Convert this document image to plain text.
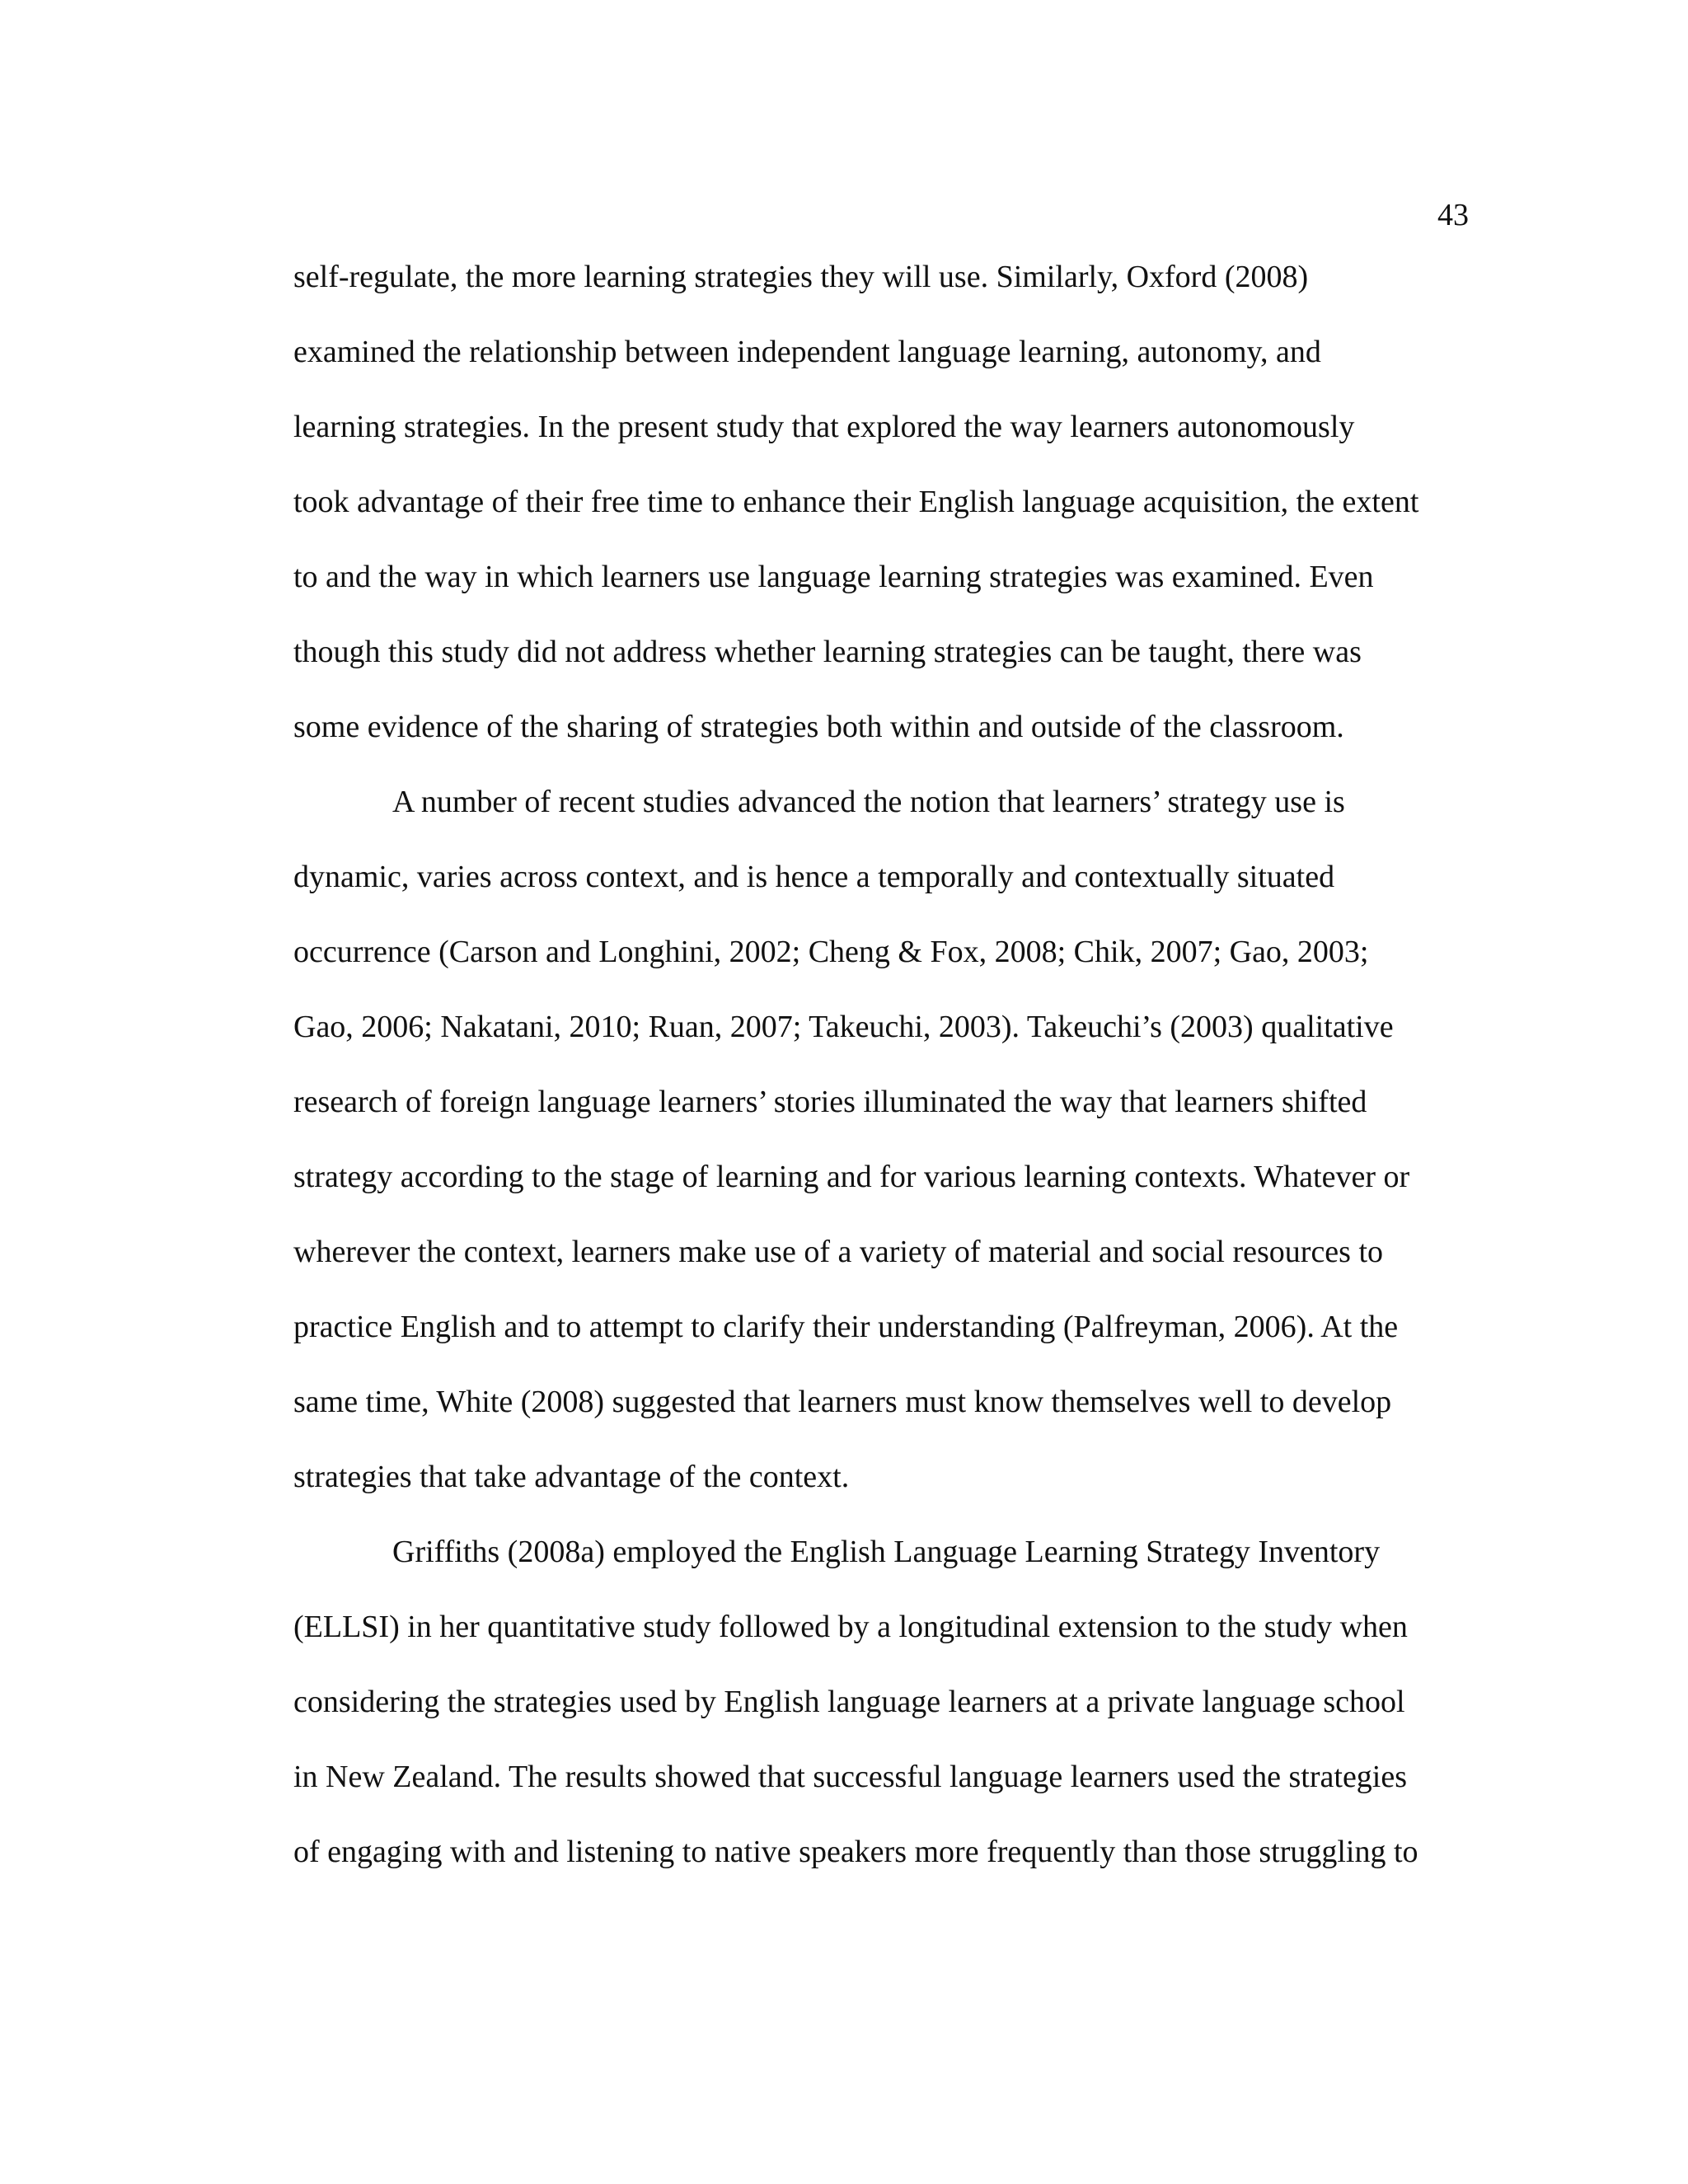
43
self-regulate, the more learning strategies they will use. Similarly, Oxford (2008)
examined the relationship between independent language learning, autonomy, and
learning strategies. In the present study that explored the way learners autonomously
took advantage of their free time to enhance their English language acquisition, the extent
to and the way in which learners use language learning strategies was examined. Even
though this study did not address whether learning strategies can be taught, there was
some evidence of the sharing of strategies both within and outside of the classroom.
A number of recent studies advanced the notion that learners’ strategy use is
dynamic, varies across context, and is hence a temporally and contextually situated
occurrence (Carson and Longhini, 2002; Cheng & Fox, 2008; Chik, 2007; Gao, 2003;
Gao, 2006; Nakatani, 2010; Ruan, 2007; Takeuchi, 2003). Takeuchi’s (2003) qualitative
research of foreign language learners’ stories illuminated the way that learners shifted
strategy according to the stage of learning and for various learning contexts. Whatever or
wherever the context, learners make use of a variety of material and social resources to
practice English and to attempt to clarify their understanding (Palfreyman, 2006). At the
same time, White (2008) suggested that learners must know themselves well to develop
strategies that take advantage of the context.
Griffiths (2008a) employed the English Language Learning Strategy Inventory
(ELLSI) in her quantitative study followed by a longitudinal extension to the study when
considering the strategies used by English language learners at a private language school
in New Zealand. The results showed that successful language learners used the strategies
of engaging with and listening to native speakers more frequently than those struggling to
